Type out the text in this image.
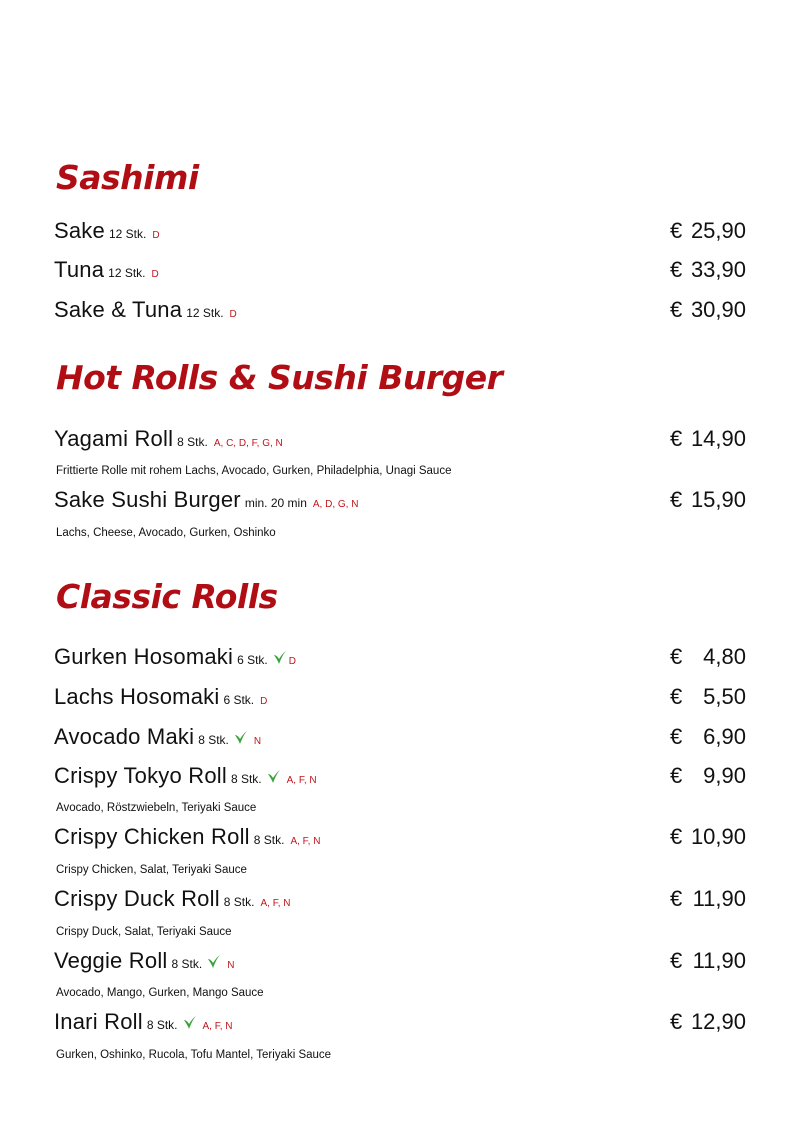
Sashimi
Sake 12 Stk. D	€ 25,90
Tuna 12 Stk. D	€ 33,90
Sake & Tuna 12 Stk. D	€ 30,90
Hot Rolls & Sushi Burger
Yagami Roll 8 Stk. A, C, D, F, G, N	€ 14,90
Frittierte Rolle mit rohem Lachs, Avocado, Gurken, Philadelphia, Unagi Sauce
Sake Sushi Burger min. 20 min A, D, G, N	€ 15,90
Lachs, Cheese, Avocado, Gurken, Oshinko
Classic Rolls
Gurken Hosomaki 6 Stk. D	€ 4,80
Lachs Hosomaki 6 Stk. D	€ 5,50
Avocado Maki 8 Stk.	N	€ 6,90
Crispy Tokyo Roll 8 Stk.	A, F, N	€ 9,90
Avocado, Röstzwiebeln, Teriyaki Sauce
Crispy Chicken Roll 8 Stk. A, F, N	€ 10,90
Crispy Chicken, Salat, Teriyaki Sauce
Crispy Duck Roll 8 Stk. A, F, N	€ 11,90
Crispy Duck, Salat, Teriyaki Sauce
Veggie Roll 8 Stk.	N	€ 11,90
Avocado, Mango, Gurken, Mango Sauce
Inari Roll 8 Stk.	A, F, N	€ 12,90
Gurken, Oshinko, Rucola, Tofu Mantel, Teriyaki Sauce
